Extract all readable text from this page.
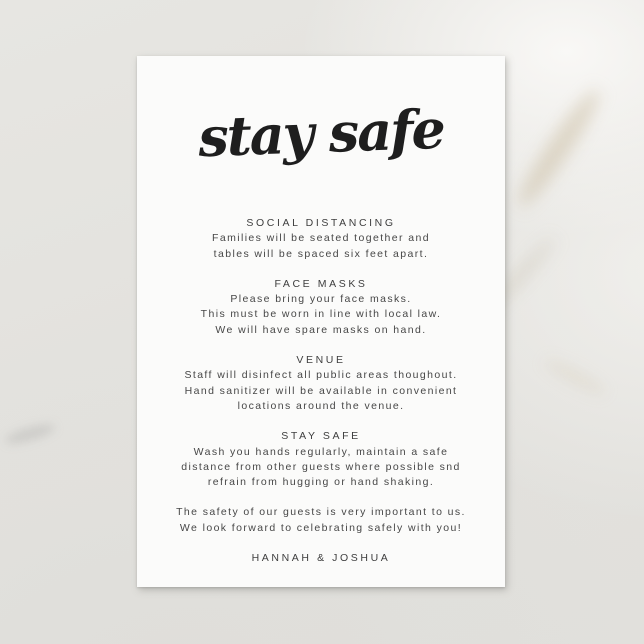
stay safe
SOCIAL DISTANCING
Families will be seated together and
tables will be spaced six feet apart.
FACE MASKS
Please bring your face masks.
This must be worn in line with local law.
We will have spare masks on hand.
VENUE
Staff will disinfect all public areas thoughout.
Hand sanitizer will be available in convenient
locations around the venue.
STAY SAFE
Wash you hands regularly, maintain a safe
distance from other guests where possible snd
refrain from hugging or hand shaking.
The safety of our guests is very important to us.
We look forward to celebrating safely with you!
HANNAH & JOSHUA
